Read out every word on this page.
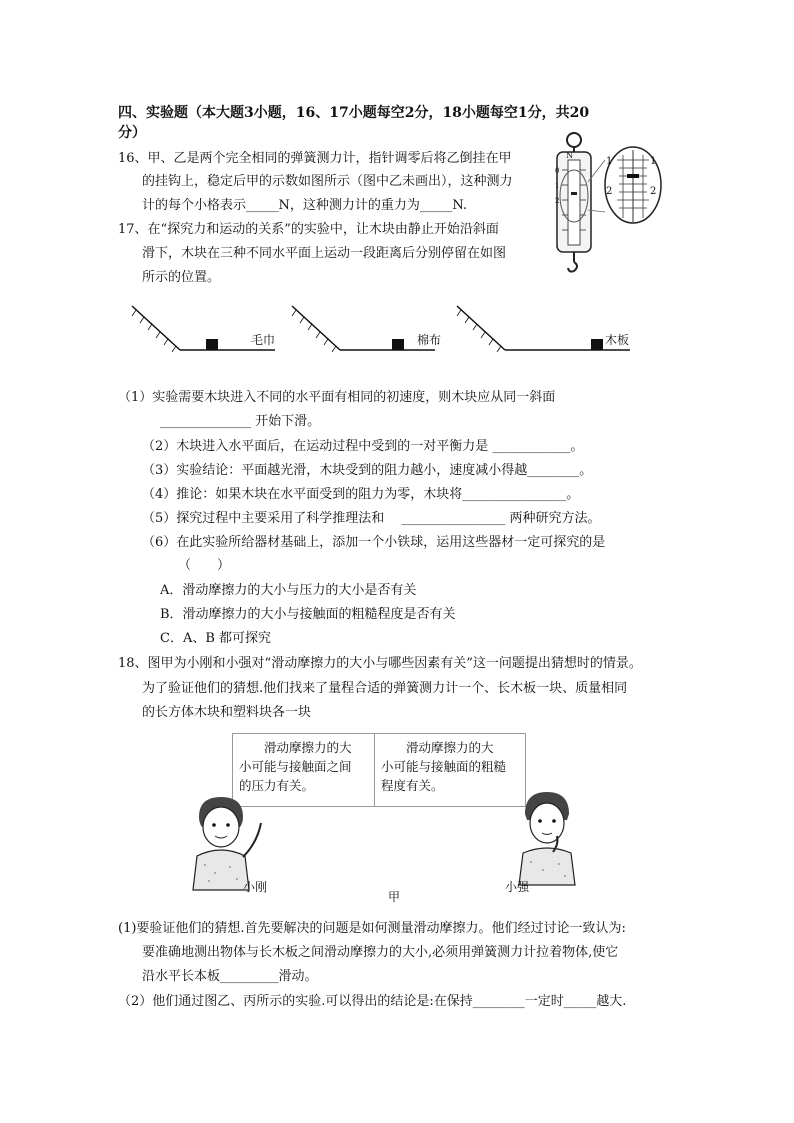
四、实验题（本大题3小题，16、17小题每空2分，18小题每空1分，共20
分）
16、甲、乙是两个完全相同的弹簧测力计，指针调零后将乙倒挂在甲
的挂钩上，稳定后甲的示数如图所示（图中乙未画出），这种测力
计的每个小格表示_____N，这种测力计的重力为_____N.
N
0
1
2
1
2
1
2
17、在“探究力和运动的关系”的实验中，让木块由静止开始沿斜面
滑下，木块在三种不同水平面上运动一段距离后分别停留在如图
所示的位置。
毛巾	棉布	木板
（1）实验需要木块进入不同的水平面有相同的初速度，则木块应从同一斜面
______________ 开始下滑。
（2）木块进入水平面后，在运动过程中受到的一对平衡力是 ____________。
（3）实验结论：平面越光滑，木块受到的阻力越小，速度减小得越________。
（4）推论：如果木块在水平面受到的阻力为零，木块将________________。
（5）探究过程中主要采用了科学推理法和　 ________________ 两种研究方法。
（6）在此实验所给器材基础上，添加一个小铁球，运用这些器材一定可探究的是
（　　）
A．滑动摩擦力的大小与压力的大小是否有关
B．滑动摩擦力的大小与接触面的粗糙程度是否有关
C．A、B 都可探究
18、图甲为小刚和小强对“滑动摩擦力的大小与哪些因素有关”这一问题提出猜想时的情景。
为了验证他们的猜想.他们找来了量程合适的弹簧测力计一个、长木板一块、质量相同
的长方体木块和塑料块各一块
　　滑动摩擦力的大
小可能与接触面之间
的压力有关。
　　滑动摩擦力的大
小可能与接触面的粗糙
程度有关。
小刚	小强
甲
(1)要验证他们的猜想.首先要解决的问题是如何测量滑动摩擦力。他们经过讨论一致认为:
要准确地测出物体与长木板之间滑动摩擦力的大小,必须用弹簧测力计拉着物体,使它
沿水平长本板_________滑动。
（2）他们通过图乙、丙所示的实验.可以得出的结论是:在保持________一定时_____越大.
